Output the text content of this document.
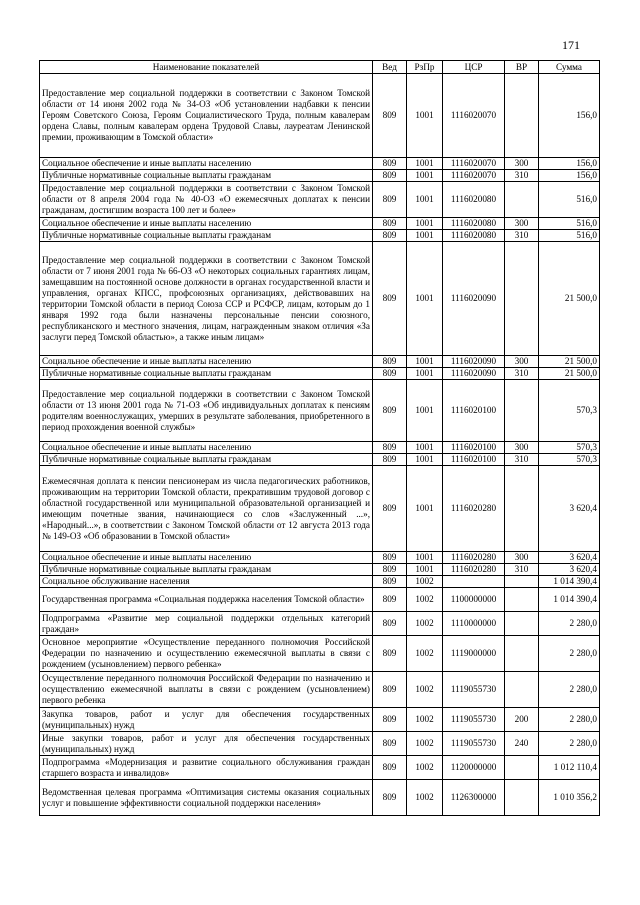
171
Наименование показателей	Вед	РзПр	ЦСР	ВР	Сумма
Предоставление мер социальной поддержки в соответствии с Законом Томской области от 14 июня 2002 года № 34-ОЗ «Об установлении надбавки к пенсии Героям Советского Союза, Героям Социалистического Труда, полным кавалерам ордена Славы, полным кавалерам ордена Трудовой Славы, лауреатам Ленинской премии, проживающим в Томской области»	809	1001	1116020070		156,0
Социальное обеспечение и иные выплаты населению	809	1001	1116020070	300	156,0
Публичные нормативные социальные выплаты гражданам	809	1001	1116020070	310	156,0
Предоставление мер социальной поддержки в соответствии с Законом Томской области от 8 апреля 2004 года № 40-ОЗ «О ежемесячных доплатах к пенсии гражданам, достигшим возраста 100 лет и более»	809	1001	1116020080		516,0
Социальное обеспечение и иные выплаты населению	809	1001	1116020080	300	516,0
Публичные нормативные социальные выплаты гражданам	809	1001	1116020080	310	516,0
Предоставление мер социальной поддержки в соответствии с Законом Томской области от 7 июня 2001 года № 66-ОЗ «О некоторых социальных гарантиях лицам, замещавшим на постоянной основе должности в органах государственной власти и управления, органах КПСС, профсоюзных организациях, действовавших на территории Томской области в период Союза ССР и РСФСР, лицам, которым до 1 января 1992 года были назначены персональные пенсии союзного, республиканского и местного значения, лицам, награжденным знаком отличия «За заслуги перед Томской областью», а также иным лицам»	809	1001	1116020090		21 500,0
Социальное обеспечение и иные выплаты населению	809	1001	1116020090	300	21 500,0
Публичные нормативные социальные выплаты гражданам	809	1001	1116020090	310	21 500,0
Предоставление мер социальной поддержки в соответствии с Законом Томской области от 13 июня 2001 года № 71-ОЗ «Об индивидуальных доплатах к пенсиям родителям военнослужащих, умерших в результате заболевания, приобретенного в период прохождения военной службы»	809	1001	1116020100		570,3
Социальное обеспечение и иные выплаты населению	809	1001	1116020100	300	570,3
Публичные нормативные социальные выплаты гражданам	809	1001	1116020100	310	570,3
Ежемесячная доплата к пенсии пенсионерам из числа педагогических работников, проживающим на территории Томской области, прекратившим трудовой договор с областной государственной или муниципальной образовательной организацией и имеющим почетные звания, начинающиеся со слов «Заслуженный ...», «Народный...», в соответствии с Законом Томской области от 12 августа 2013 года № 149-ОЗ «Об образовании в Томской области»	809	1001	1116020280		3 620,4
Социальное обеспечение и иные выплаты населению	809	1001	1116020280	300	3 620,4
Публичные нормативные социальные выплаты гражданам	809	1001	1116020280	310	3 620,4
Социальное обслуживание населения	809	1002			1 014 390,4
Государственная программа «Социальная поддержка населения Томской области»	809	1002	1100000000		1 014 390,4
Подпрограмма «Развитие мер социальной поддержки отдельных категорий граждан»	809	1002	1110000000		2 280,0
Основное мероприятие «Осуществление переданного полномочия Российской Федерации по назначению и осуществлению ежемесячной выплаты в связи с рождением (усыновлением) первого ребенка»	809	1002	1119000000		2 280,0
Осуществление переданного полномочия Российской Федерации по назначению и осуществлению ежемесячной выплаты в связи с рождением (усыновлением) первого ребенка	809	1002	1119055730		2 280,0
Закупка товаров, работ и услуг для обеспечения государственных (муниципальных) нужд	809	1002	1119055730	200	2 280,0
Иные закупки товаров, работ и услуг для обеспечения государственных (муниципальных) нужд	809	1002	1119055730	240	2 280,0
Подпрограмма «Модернизация и развитие социального обслуживания граждан старшего возраста и инвалидов»	809	1002	1120000000		1 012 110,4
Ведомственная целевая программа «Оптимизация системы оказания социальных услуг и повышение эффективности социальной поддержки населения»	809	1002	1126300000		1 010 356,2
